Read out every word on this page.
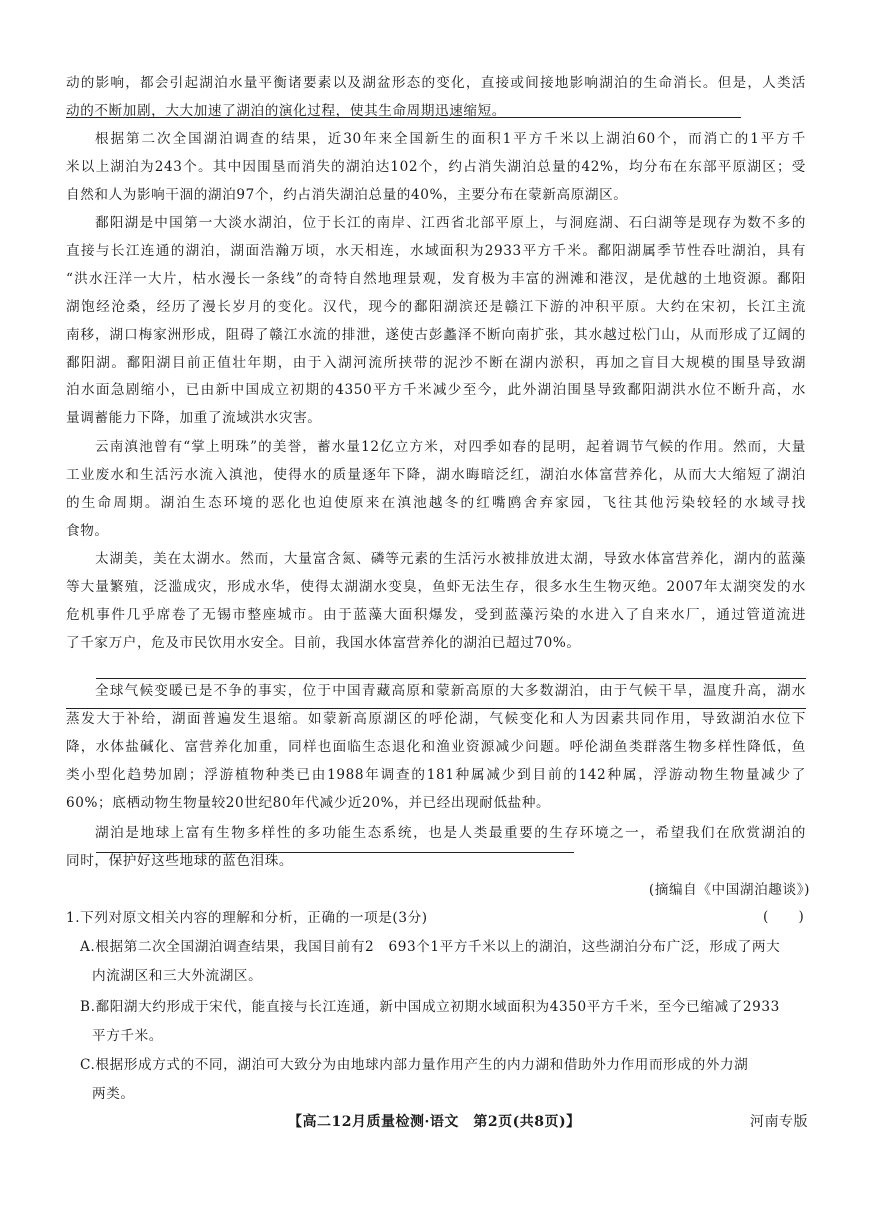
动的影响，都会引起湖泊水量平衡诸要素以及湖盆形态的变化，直接或间接地影响湖泊的生命消长。但是，人类活
动的不断加剧，大大加速了湖泊的演化过程，使其生命周期迅速缩短。
根据第二次全国湖泊调查的结果，近30年来全国新生的面积1平方千米以上湖泊60个，而消亡的1平方千
米以上湖泊为243个。其中因围垦而消失的湖泊达102个，约占消失湖泊总量的42%，均分布在东部平原湖区；受
自然和人为影响干涸的湖泊97个，约占消失湖泊总量的40%，主要分布在蒙新高原湖区。
鄱阳湖是中国第一大淡水湖泊，位于长江的南岸、江西省北部平原上，与洞庭湖、石臼湖等是现存为数不多的
直接与长江连通的湖泊，湖面浩瀚万顷，水天相连，水域面积为2933平方千米。鄱阳湖属季节性吞吐湖泊，具有
“洪水汪洋一大片，枯水漫长一条线”的奇特自然地理景观，发育极为丰富的洲滩和港汊，是优越的土地资源。鄱阳
湖饱经沧桑，经历了漫长岁月的变化。汉代，现今的鄱阳湖滨还是赣江下游的冲积平原。大约在宋初，长江主流
南移，湖口梅家洲形成，阻碍了赣江水流的排泄，遂使古彭蠡泽不断向南扩张，其水越过松门山，从而形成了辽阔的
鄱阳湖。鄱阳湖目前正值壮年期，由于入湖河流所挟带的泥沙不断在湖内淤积，再加之盲目大规模的围垦导致湖
泊水面急剧缩小，已由新中国成立初期的4350平方千米减少至今，此外湖泊围垦导致鄱阳湖洪水位不断升高，水
量调蓄能力下降，加重了流域洪水灾害。
云南滇池曾有“掌上明珠”的美誉，蓄水量12亿立方米，对四季如春的昆明，起着调节气候的作用。然而，大量
工业废水和生活污水流入滇池，使得水的质量逐年下降，湖水晦暗泛红，湖泊水体富营养化，从而大大缩短了湖泊
的生命周期。湖泊生态环境的恶化也迫使原来在滇池越冬的红嘴鸥舍弃家园，飞往其他污染较轻的水域寻找
食物。
太湖美，美在太湖水。然而，大量富含氮、磷等元素的生活污水被排放进太湖，导致水体富营养化，湖内的蓝藻
等大量繁殖，泛滥成灾，形成水华，使得太湖湖水变臭，鱼虾无法生存，很多水生生物灭绝。2007年太湖突发的水
危机事件几乎席卷了无锡市整座城市。由于蓝藻大面积爆发，受到蓝藻污染的水进入了自来水厂，通过管道流进
了千家万户，危及市民饮用水安全。目前，我国水体富营养化的湖泊已超过70%。
全球气候变暖已是不争的事实，位于中国青藏高原和蒙新高原的大多数湖泊，由于气候干旱，温度升高，湖水
蒸发大于补给，湖面普遍发生退缩。如蒙新高原湖区的呼伦湖，气候变化和人为因素共同作用，导致湖泊水位下
降，水体盐碱化、富营养化加重，同样也面临生态退化和渔业资源减少问题。呼伦湖鱼类群落生物多样性降低，鱼
类小型化趋势加剧；浮游植物种类已由1988年调查的181种属减少到目前的142种属，浮游动物生物量减少了
60%；底栖动物生物量较20世纪80年代减少近20%，并已经出现耐低盐种。
湖泊是地球上富有生物多样性的多功能生态系统，也是人类最重要的生存环境之一，希望我们在欣赏湖泊的
同时，保护好这些地球的蓝色泪珠。
(摘编自《中国湖泊趣谈》)
1.下列对原文相关内容的理解和分析，正确的一项是(3分)	(　　)
A.根据第二次全国湖泊调查结果，我国目前有2　693个1平方千米以上的湖泊，这些湖泊分布广泛，形成了两大
内流湖区和三大外流湖区。
B.鄱阳湖大约形成于宋代，能直接与长江连通，新中国成立初期水域面积为4350平方千米，至今已缩减了2933
平方千米。
C.根据形成方式的不同，湖泊可大致分为由地球内部力量作用产生的内力湖和借助外力作用而形成的外力湖
两类。
【高二12月质量检测·语文　第2页(共8页)】	河南专版
